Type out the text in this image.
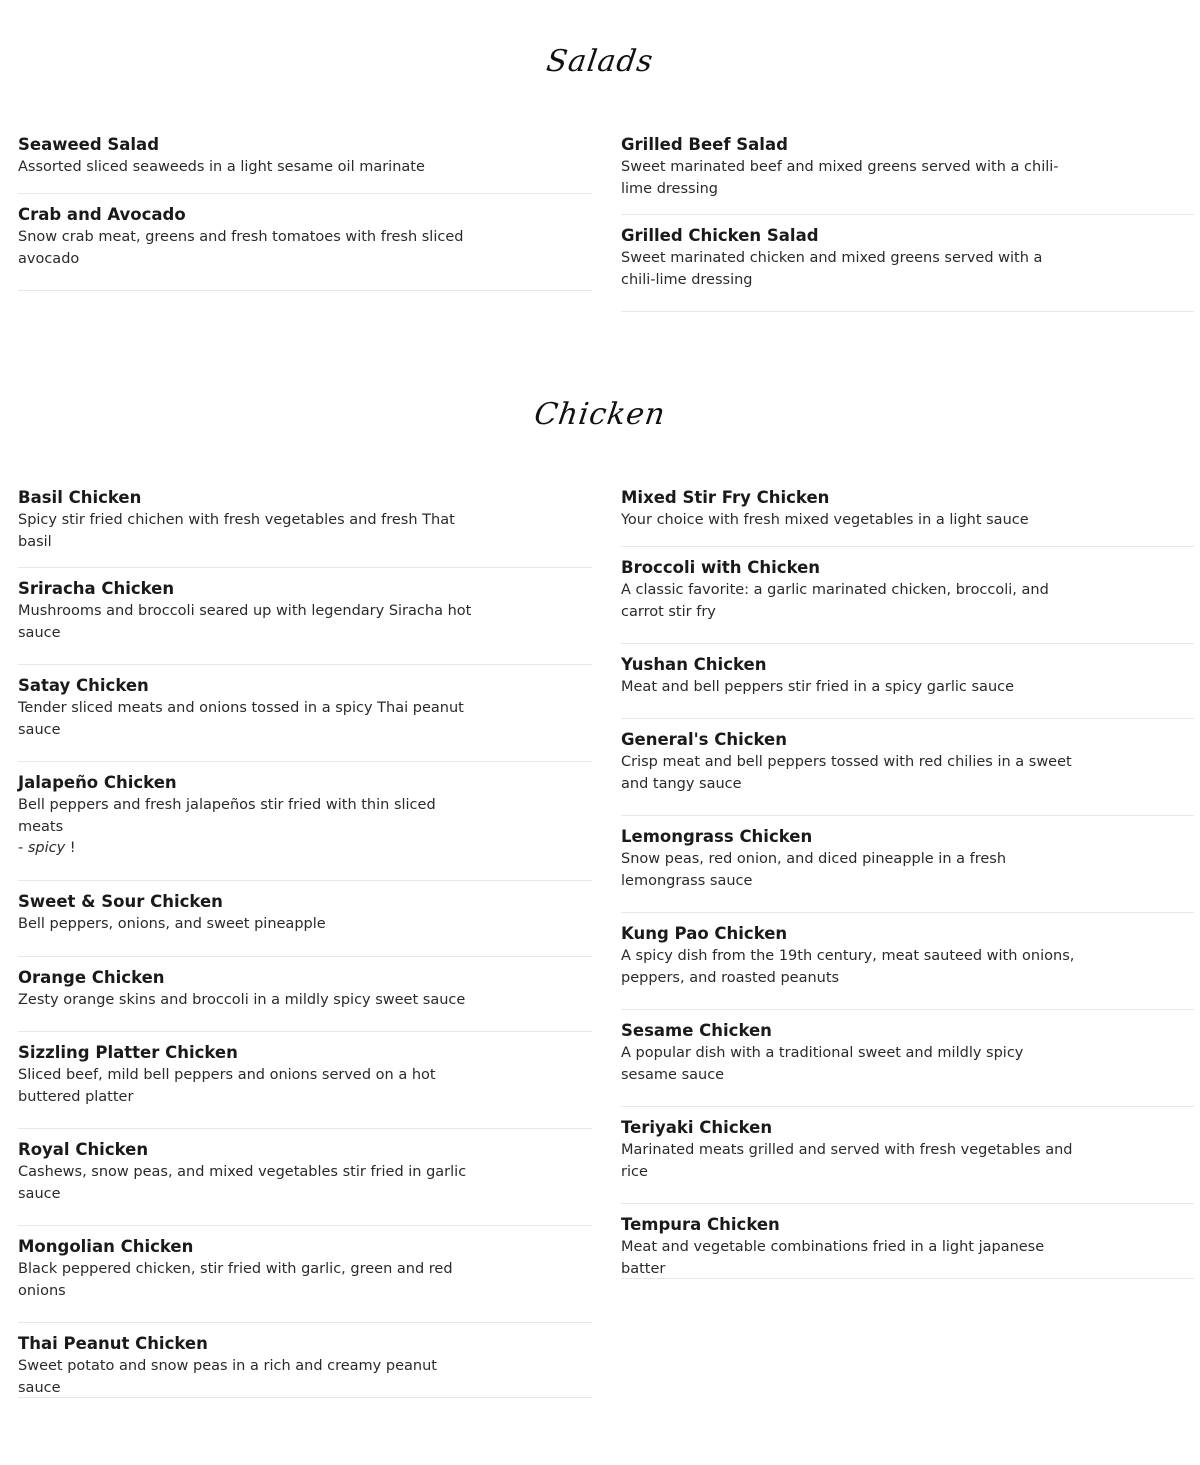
Salads
Seaweed Salad
Assorted sliced seaweeds in a light sesame oil marinate
Crab and Avocado
Snow crab meat, greens and fresh tomatoes with fresh sliced avocado
Grilled Beef Salad
Sweet marinated beef and mixed greens served with a chili-lime dressing
Grilled Chicken Salad
Sweet marinated chicken and mixed greens served with a chili-lime dressing
Chicken
Basil Chicken
Spicy stir fried chichen with fresh vegetables and fresh That basil
Sriracha Chicken
Mushrooms and broccoli seared up with legendary Siracha hot sauce
Satay Chicken
Tender sliced meats and onions tossed in a spicy Thai peanut sauce
Jalapeño Chicken
Bell peppers and fresh jalapeños stir fried with thin sliced meats
- spicy !
Sweet & Sour Chicken
Bell peppers, onions, and sweet pineapple
Orange Chicken
Zesty orange skins and broccoli in a mildly spicy sweet sauce
Sizzling Platter Chicken
Sliced beef, mild bell peppers and onions served on a hot buttered platter
Royal Chicken
Cashews, snow peas, and mixed vegetables stir fried in garlic sauce
Mongolian Chicken
Black peppered chicken, stir fried with garlic, green and red onions
Thai Peanut Chicken
Sweet potato and snow peas in a rich and creamy peanut sauce
Mixed Stir Fry Chicken
Your choice with fresh mixed vegetables in a light sauce
Broccoli with Chicken
A classic favorite: a garlic marinated chicken, broccoli, and carrot stir fry
Yushan Chicken
Meat and bell peppers stir fried in a spicy garlic sauce
General's Chicken
Crisp meat and bell peppers tossed with red chilies in a sweet and tangy sauce
Lemongrass Chicken
Snow peas, red onion, and diced pineapple in a fresh lemongrass sauce
Kung Pao Chicken
A spicy dish from the 19th century, meat sauteed with onions, peppers, and roasted peanuts
Sesame Chicken
A popular dish with a traditional sweet and mildly spicy sesame sauce
Teriyaki Chicken
Marinated meats grilled and served with fresh vegetables and rice
Tempura Chicken
Meat and vegetable combinations fried in a light japanese batter
